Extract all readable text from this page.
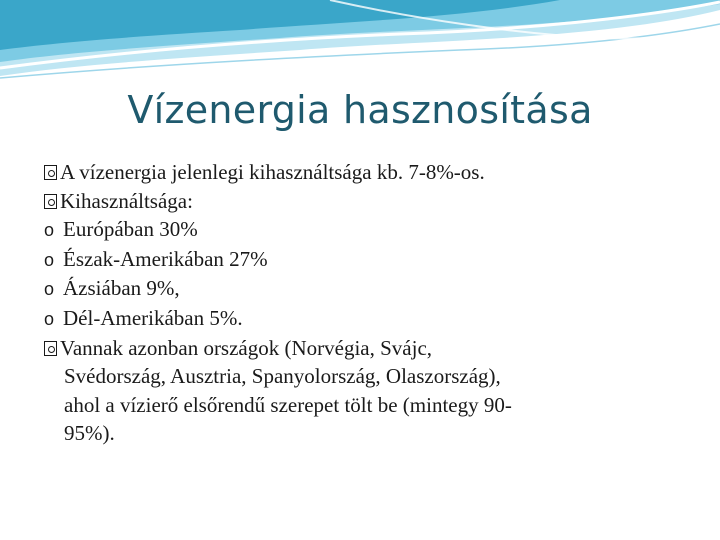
Vízenergia hasznosítása
A vízenergia jelenlegi kihasználtsága kb. 7-8%-os.
Kihasználtsága:
o Európában 30%
o Észak-Amerikában 27%
o Ázsiában 9%,
o Dél-Amerikában 5%.
Vannak azonban országok (Norvégia, Svájc,
Svédország, Ausztria, Spanyolország, Olaszország),
ahol a vízierő elsőrendű szerepet tölt be (mintegy 90-
95%).
